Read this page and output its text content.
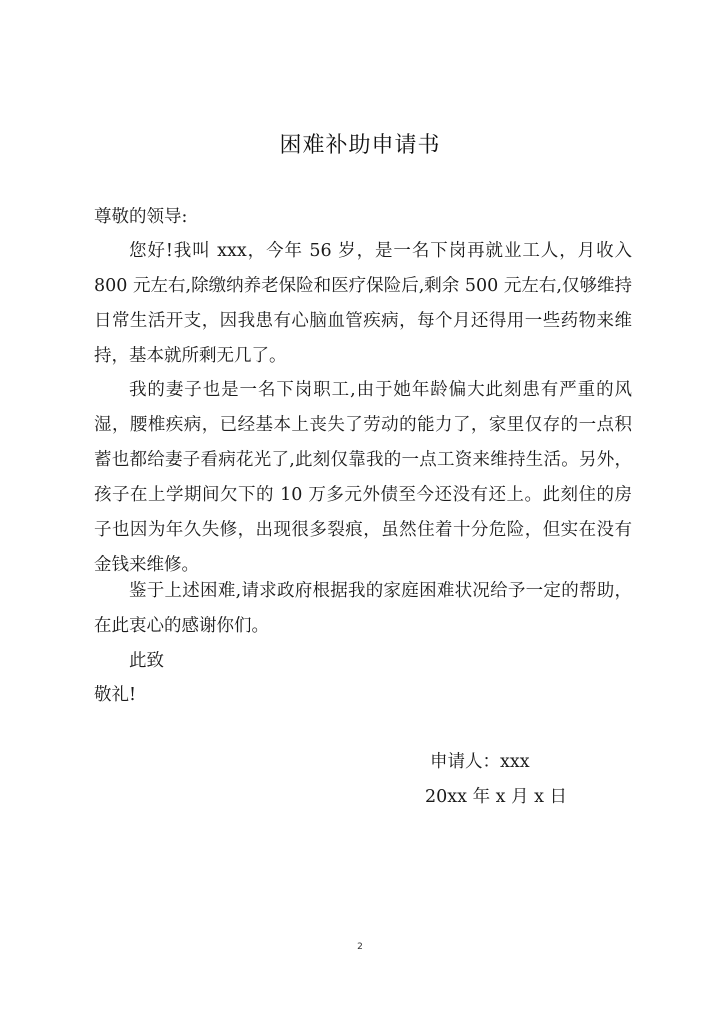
困难补助申请书
尊敬的领导:

您好!我叫 xxx，今年 56 岁，是一名下岗再就业工人，月收入 800 元左右,除缴纳养老保险和医疗保险后,剩余 500 元左右,仅够维持日常生活开支，因我患有心脑血管疾病，每个月还得用一些药物来维持，基本就所剩无几了。

我的妻子也是一名下岗职工,由于她年龄偏大此刻患有严重的风湿，腰椎疾病，已经基本上丧失了劳动的能力了，家里仅存的一点积蓄也都给妻子看病花光了,此刻仅靠我的一点工资来维持生活。另外，孩子在上学期间欠下的 10 万多元外债至今还没有还上。此刻住的房子也因为年久失修，出现很多裂痕，虽然住着十分危险，但实在没有金钱来维修。

鉴于上述困难,请求政府根据我的家庭困难状况给予一定的帮助，在此衷心的感谢你们。

此致
敬礼!
申请人：xxx
20xx 年 x 月 x 日
2
